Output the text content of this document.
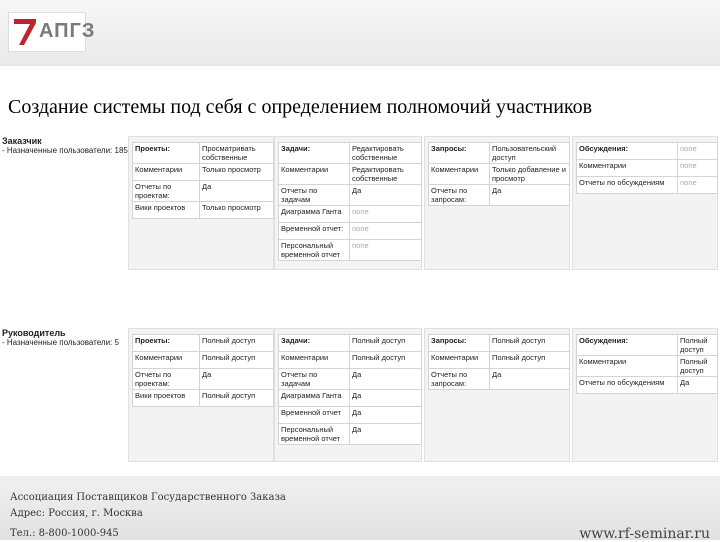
АПГЗ
Создание системы под себя с определением полномочий участников
Заказчик
- Назначенные пользователи: 185 Проекты:	Просматривать собственные
Комментарии	Только просмотр
Отчеты по проектам:	Да
Вики проектов	Только просмотр
Задачи:	Редактировать собственные
Комментарии	Редактировать собственные
Отчеты по задачам	Да
Диаграмма Ганта	none
Временной отчет:	none
Персональный временной отчет	none
Запросы:	Пользовательский доступ
Комментарии	Только добавление и просмотр
Отчеты по запросам:	Да
Обсуждения:	none
Комментарии	none
Отчеты по обсуждениям	none
Руководитель
- Назначенные пользователи: 5 Проекты:	Полный доступ
Комментарии	Полный доступ
Отчеты по проектам:	Да
Вики проектов	Полный доступ
Задачи:	Полный доступ
Комментарии	Полный доступ
Отчеты по задачам	Да
Диаграмма Ганта	Да
Временной отчет	Да
Персональный временной отчет	Да
Запросы:	Полный доступ
Комментарии	Полный доступ
Отчеты по запросам:	Да
Обсуждения:	Полный доступ
Комментарии	Полный доступ
Отчеты по обсуждениям	Да
Ассоциация Поставщиков Государственного Заказа
Адрес: Россия, г. Москва
Тел.: 8-800-1000-945	www.rf-seminar.ru
